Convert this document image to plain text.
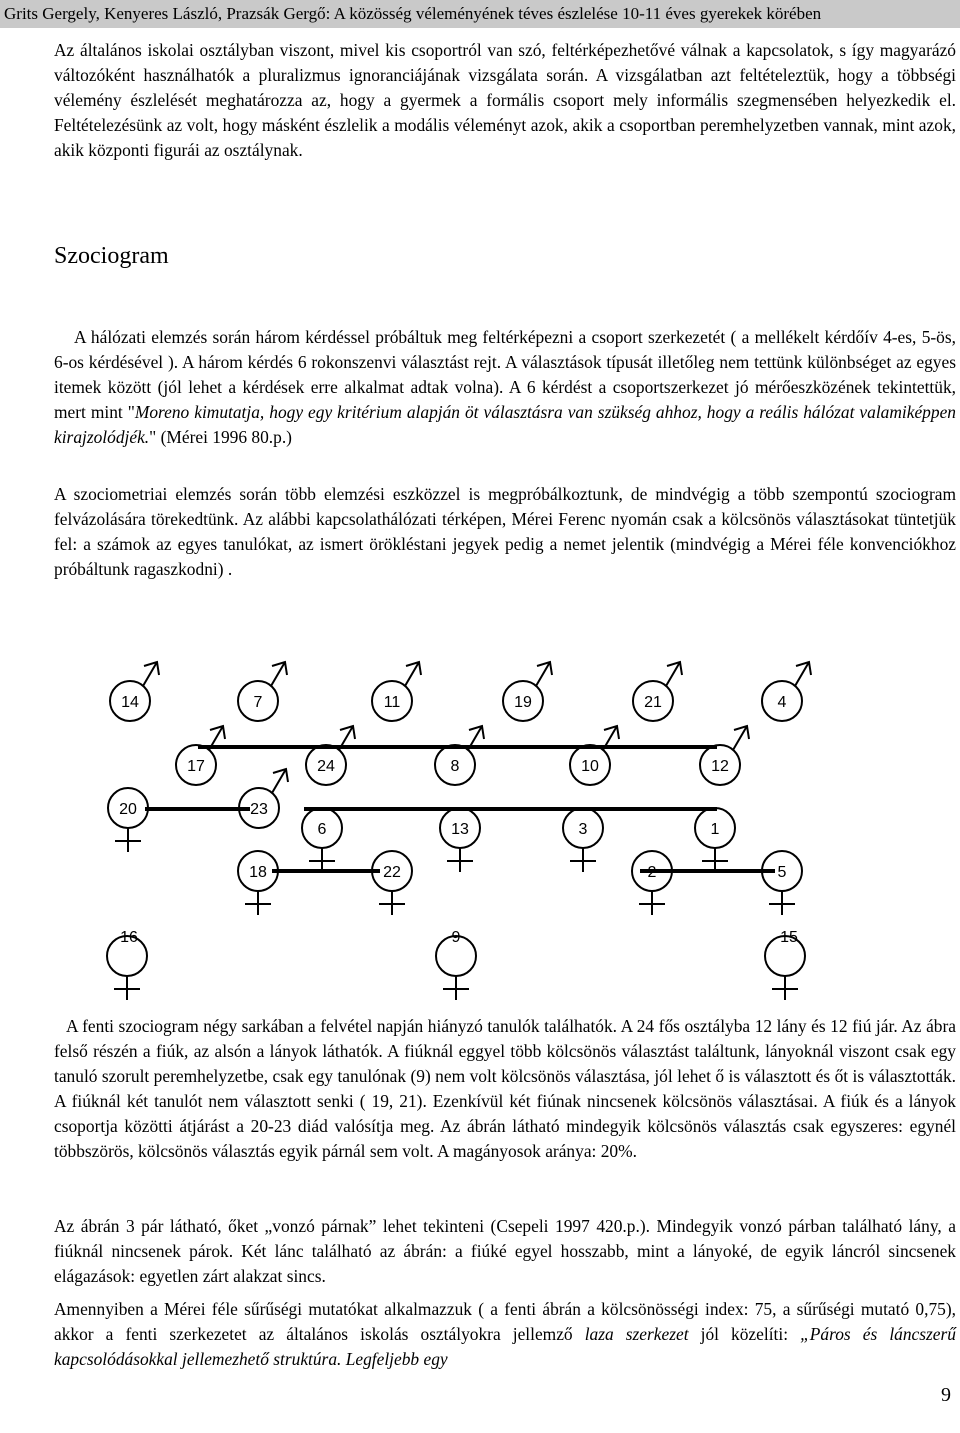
Grits Gergely, Kenyeres László, Prazsák Gergő: A közösség véleményének téves észlelése 10-11 éves gyerekek körében

Az általános iskolai osztályban viszont, mivel kis csoportról van szó, feltérképezhetővé válnak a kapcsolatok, s így magyarázó változóként használhatók a pluralizmus ignoranciájának vizsgálata során. A vizsgálatban azt feltételeztük, hogy a többségi vélemény észlelését meghatározza az, hogy a gyermek a formális csoport mely informális szegmensében helyezkedik el. Feltételezésünk az volt, hogy másként észlelik a modális véleményt azok, akik a csoportban peremhelyzetben vannak, mint azok, akik központi figurái az osztálynak.

Szociogram

A hálózati elemzés során három kérdéssel próbáltuk meg feltérképezni a csoport szerkezetét ( a mellékelt kérdőív 4-es, 5-ös, 6-os kérdésével ). A három kérdés 6 rokonszenvi választást rejt. A választások típusát illetőleg nem tettünk különbséget az egyes itemek között (jól lehet a kérdések erre alkalmat adtak volna). A 6 kérdést a csoportszerkezet jó mérőeszközének tekintettük, mert mint "Moreno kimutatja, hogy egy kritérium alapján öt választásra van szükség ahhoz, hogy a reális hálózat valamiképpen kirajzolódjék." (Mérei 1996 80.p.)

A szociometriai elemzés során több elemzési eszközzel is megpróbálkoztunk, de mindvégig a több szempontú szociogram felvázolására törekedtünk. Az alábbi kapcsolathálózati térképen, Mérei Ferenc nyomán csak a kölcsönös választásokat tüntetjük fel: a számok az egyes tanulókat, az ismert örökléstani jegyek pedig a nemet jelentik (mindvégig a Mérei féle konvenciókhoz próbáltunk ragaszkodni) .

14	7	11	19	21	4
17	24	8	10	12
20	23
6	13	3	1
18	22	2	5
16	9	15

A fenti szociogram négy sarkában a felvétel napján hiányzó tanulók találhatók. A 24 fős osztályba 12 lány és 12 fiú jár. Az ábra felső részén a fiúk, az alsón a lányok láthatók. A fiúknál eggyel több kölcsönös választást találtunk, lányoknál viszont csak egy tanuló szorult peremhelyzetbe, csak egy tanulónak (9) nem volt kölcsönös választása, jól lehet ő is választott és őt is választották. A fiúknál két tanulót nem választott senki ( 19, 21). Ezenkívül két fiúnak nincsenek kölcsönös választásai. A fiúk és a lányok csoportja közötti átjárást a 20-23 diád valósítja meg. Az ábrán látható mindegyik kölcsönös választás csak egyszeres: egynél többszörös, kölcsönös választás egyik párnál sem volt. A magányosok aránya: 20%.

Az ábrán 3 pár látható, őket „vonzó párnak” lehet tekinteni (Csepeli 1997 420.p.). Mindegyik vonzó párban található lány, a fiúknál nincsenek párok. Két lánc található az ábrán: a fiúké egyel hosszabb, mint a lányoké, de egyik láncról sincsenek elágazások: egyetlen zárt alakzat sincs.

Amennyiben a Mérei féle sűrűségi mutatókat alkalmazzuk ( a fenti ábrán a kölcsönösségi index: 75, a sűrűségi mutató 0,75), akkor a fenti szerkezetet az általános iskolás osztályokra jellemző laza szerkezet jól közelíti: „Páros és láncszerű kapcsolódásokkal jellemezhető struktúra. Legfeljebb egy

9
